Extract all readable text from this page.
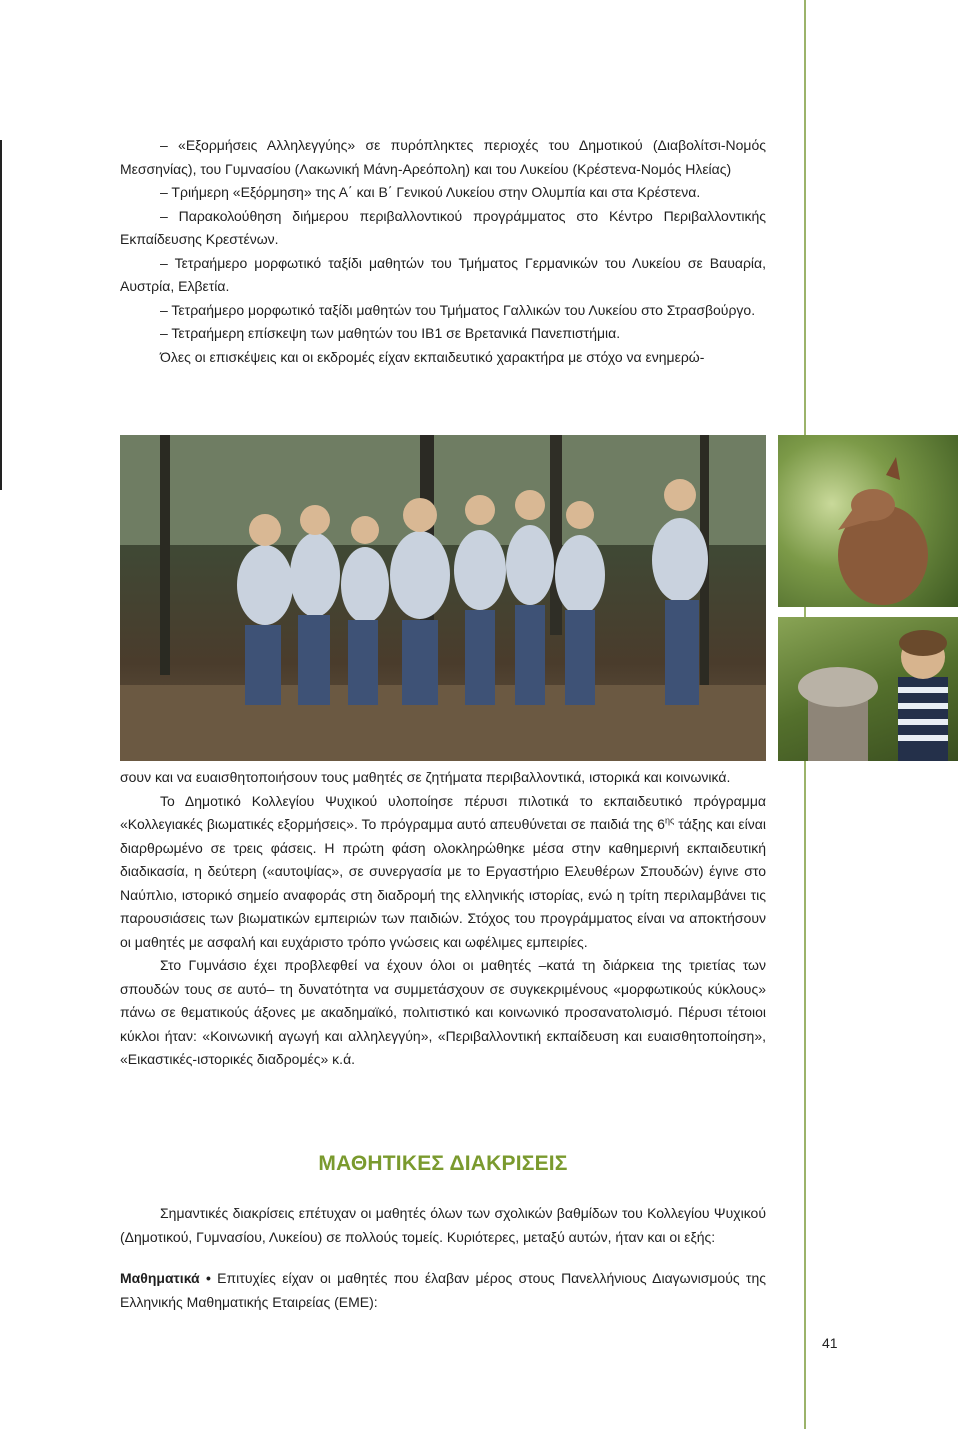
– «Εξορμήσεις Αλληλεγγύης» σε πυρόπληκτες περιοχές του Δημοτικού (Διαβολίτσι-Νομός Μεσσηνίας), του Γυμνασίου (Λακωνική Μάνη-Αρεόπολη) και του Λυκείου (Κρέστενα-Νομός Ηλείας)

– Τριήμερη «Εξόρμηση» της Α΄ και Β΄ Γενικού Λυκείου στην Ολυμπία και στα Κρέστενα.

– Παρακολούθηση διήμερου περιβαλλοντικού προγράμματος στο Κέντρο Περιβαλλοντικής Εκπαίδευσης Κρεστένων.

– Τετραήμερο μορφωτικό ταξίδι μαθητών του Τμήματος Γερμανικών του Λυκείου σε Βαυαρία, Αυστρία, Ελβετία.

– Τετραήμερο μορφωτικό ταξίδι μαθητών του Τμήματος Γαλλικών του Λυκείου στο Στρασβούργο.

– Τετραήμερη επίσκεψη των μαθητών του ΙΒ1 σε Βρετανικά Πανεπιστήμια.

Όλες οι επισκέψεις και οι εκδρομές είχαν εκπαιδευτικό χαρακτήρα με στόχο να ενημερώ-

σουν και να ευαισθητοποιήσουν τους μαθητές σε ζητήματα περιβαλλοντικά, ιστορικά και κοινωνικά.

Το Δημοτικό Κολλεγίου Ψυχικού υλοποίησε πέρυσι πιλοτικά το εκπαιδευτικό πρόγραμμα «Κολλεγιακές βιωματικές εξορμήσεις». Το πρόγραμμα αυτό απευθύνεται σε παιδιά της $6^{\eta\varsigma}$ τάξης και είναι διαρθρωμένο σε τρεις φάσεις. Η πρώτη φάση ολοκληρώθηκε μέσα στην καθημερινή εκπαιδευτική διαδικασία, η δεύτερη («αυτοψίας», σε συνεργασία με το Εργαστήριο Ελευθέρων Σπουδών) έγινε στο Ναύπλιο, ιστορικό σημείο αναφοράς στη διαδρομή της ελληνικής ιστορίας, ενώ η τρίτη περιλαμβάνει τις παρουσιάσεις των βιωματικών εμπειριών των παιδιών. Στόχος του προγράμματος είναι να αποκτήσουν οι μαθητές με ασφαλή και ευχάριστο τρόπο γνώσεις και ωφέλιμες εμπειρίες.

Στο Γυμνάσιο έχει προβλεφθεί να έχουν όλοι οι μαθητές –κατά τη διάρκεια της τριετίας των σπουδών τους σε αυτό– τη δυνατότητα να συμμετάσχουν σε συγκεκριμένους «μορφωτικούς κύκλους» πάνω σε θεματικούς άξονες με ακαδημαϊκό, πολιτιστικό και κοινωνικό προσανατολισμό. Πέρυσι τέτοιοι κύκλοι ήταν: «Κοινωνική αγωγή και αλληλεγγύη», «Περιβαλλοντική εκπαίδευση και ευαισθητοποίηση», «Εικαστικές-ιστορικές διαδρομές» κ.ά.

ΜΑΘΗΤΙΚΕΣ ΔΙΑΚΡΙΣΕΙΣ

Σημαντικές διακρίσεις επέτυχαν οι μαθητές όλων των σχολικών βαθμίδων του Κολλεγίου Ψυχικού (Δημοτικού, Γυμνασίου, Λυκείου) σε πολλούς τομείς. Κυριότερες, μεταξύ αυτών, ήταν και οι εξής:

Μαθηματικά • Επιτυχίες είχαν οι μαθητές που έλαβαν μέρος στους Πανελλήνιους Διαγωνισμούς της Ελληνικής Μαθηματικής Εταιρείας (ΕΜΕ):

41
